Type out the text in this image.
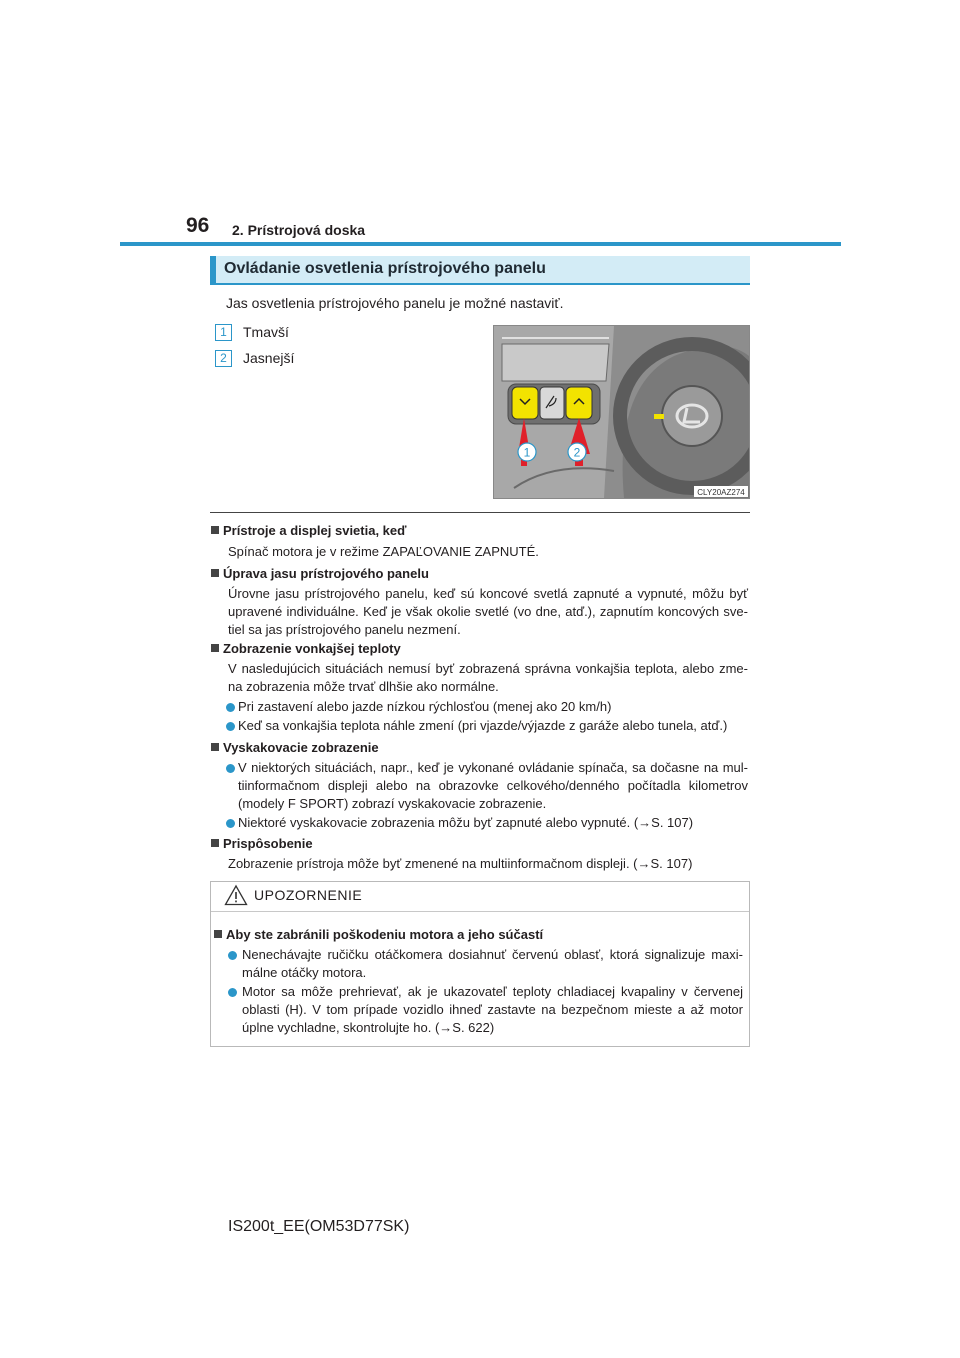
96 2. Prístrojová doska
Ovládanie osvetlenia prístrojového panelu
Jas osvetlenia prístrojového panelu je možné nastaviť.
1	Tmavší
2	Jasnejší
1	2
CLY20AZ274
Prístroje a displej svietia, keď
Spínač motora je v režime ZAPAĽOVANIE ZAPNUTÉ.
Úprava jasu prístrojového panelu
Úrovne jasu prístrojového panelu, keď sú koncové svetlá zapnuté a vypnuté, môžu byť
upravené individuálne. Keď je však okolie svetlé (vo dne, atď.), zapnutím koncových sve-
tiel sa jas prístrojového panelu nezmení.
Zobrazenie vonkajšej teploty
V nasledujúcich situáciách nemusí byť zobrazená správna vonkajšia teplota, alebo zme-
na zobrazenia môže trvať dlhšie ako normálne.
Pri zastavení alebo jazde nízkou rýchlosťou (menej ako 20 km/h)
Keď sa vonkajšia teplota náhle zmení (pri vjazde/výjazde z garáže alebo tunela, atď.)
Vyskakovacie zobrazenie
V niektorých situáciách, napr., keď je vykonané ovládanie spínača, sa dočasne na mul-
tiinformačnom displeji alebo na obrazovke celkového/denného počítadla kilometrov
(modely F SPORT) zobrazí vyskakovacie zobrazenie.
Niektoré vyskakovacie zobrazenia môžu byť zapnuté alebo vypnuté. (→S. 107)
Prispôsobenie
Zobrazenie prístroja môže byť zmenené na multiinformačnom displeji. (→S. 107)
UPOZORNENIE
Aby ste zabránili poškodeniu motora a jeho súčastí
Nenechávajte ručičku otáčkomera dosiahnuť červenú oblasť, ktorá signalizuje maxi-
málne otáčky motora.
Motor sa môže prehrievať, ak je ukazovateľ teploty chladiacej kvapaliny v červenej
oblasti (H). V tom prípade vozidlo ihneď zastavte na bezpečnom mieste a až motor
úplne vychladne, skontrolujte ho. (→S. 622)
IS200t_EE(OM53D77SK)
